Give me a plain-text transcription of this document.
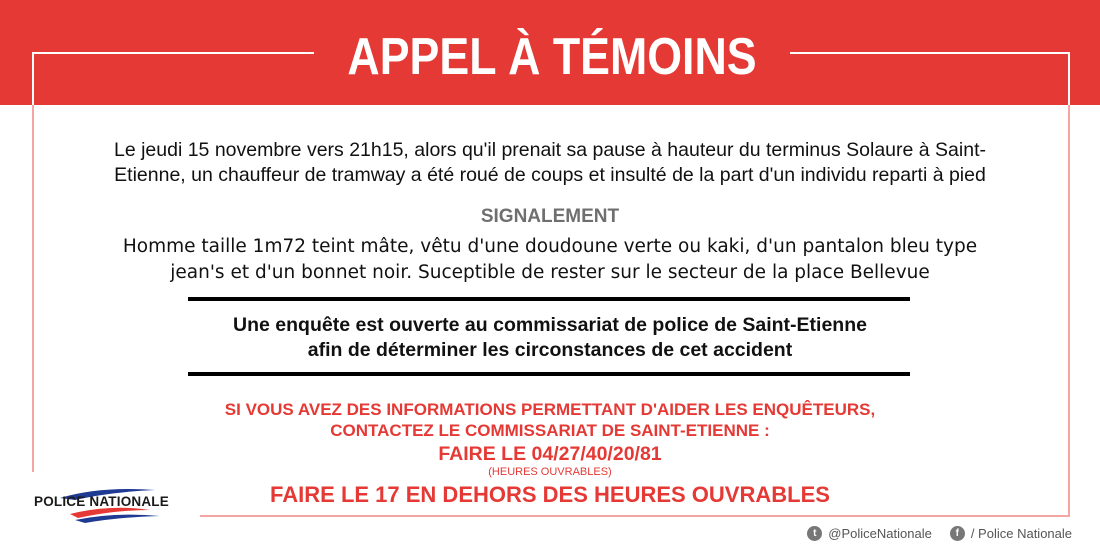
APPEL À TÉMOINS
Le jeudi 15 novembre vers 21h15, alors qu'il prenait sa pause à hauteur du terminus Solaure à Saint-
Etienne, un chauffeur de tramway a été roué de coups et insulté de la part d'un individu reparti à pied
SIGNALEMENT
Homme taille 1m72 teint mâte, vêtu d'une doudoune verte ou kaki, d'un pantalon bleu type
jean's et d'un bonnet noir. Suceptible de rester sur le secteur de la place Bellevue
Une enquête est ouverte au commissariat de police de Saint-Etienne
afin de déterminer les circonstances de cet accident
SI VOUS AVEZ DES INFORMATIONS PERMETTANT D'AIDER LES ENQUÊTEURS,
CONTACTEZ LE COMMISSARIAT DE SAINT-ETIENNE :
FAIRE LE 04/27/40/20/81
(HEURES OUVRABLES)
FAIRE LE 17 EN DEHORS DES HEURES OUVRABLES
POLICE NATIONALE
t @PoliceNationale	f / Police Nationale
